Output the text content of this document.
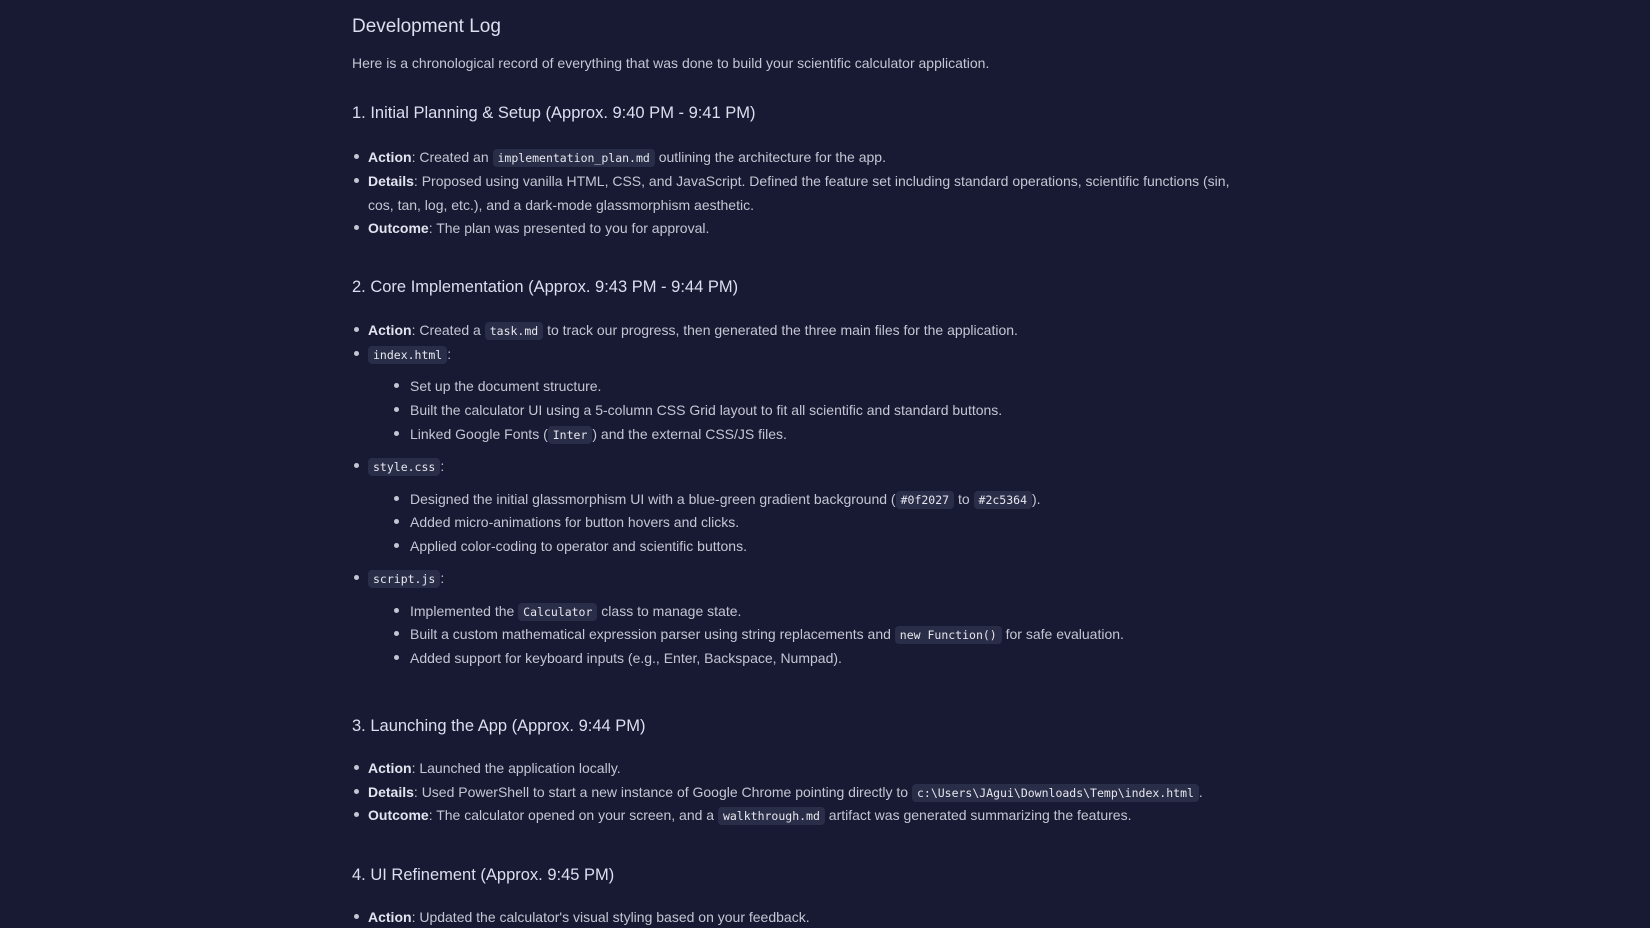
Development Log
Here is a chronological record of everything that was done to build your scientific calculator application.
1. Initial Planning & Setup (Approx. 9:40 PM - 9:41 PM)
Action: Created an implementation_plan.md outlining the architecture for the app.
Details: Proposed using vanilla HTML, CSS, and JavaScript. Defined the feature set including standard operations, scientific functions (sin,
cos, tan, log, etc.), and a dark-mode glassmorphism aesthetic.
Outcome: The plan was presented to you for approval.
2. Core Implementation (Approx. 9:43 PM - 9:44 PM)
Action: Created a task.md to track our progress, then generated the three main files for the application.
index.html :
Set up the document structure.
Built the calculator UI using a 5-column CSS Grid layout to fit all scientific and standard buttons.
Linked Google Fonts ( Inter ) and the external CSS/JS files.
style.css :
Designed the initial glassmorphism UI with a blue-green gradient background ( #0f2027 to #2c5364 ).
Added micro-animations for button hovers and clicks.
Applied color-coding to operator and scientific buttons.
script.js :
Implemented the Calculator class to manage state.
Built a custom mathematical expression parser using string replacements and new Function() for safe evaluation.
Added support for keyboard inputs (e.g., Enter, Backspace, Numpad).
3. Launching the App (Approx. 9:44 PM)
Action: Launched the application locally.
Details: Used PowerShell to start a new instance of Google Chrome pointing directly to c:\Users\JAgui\Downloads\Temp\index.html .
Outcome: The calculator opened on your screen, and a walkthrough.md artifact was generated summarizing the features.
4. UI Refinement (Approx. 9:45 PM)
Action: Updated the calculator's visual styling based on your feedback.
